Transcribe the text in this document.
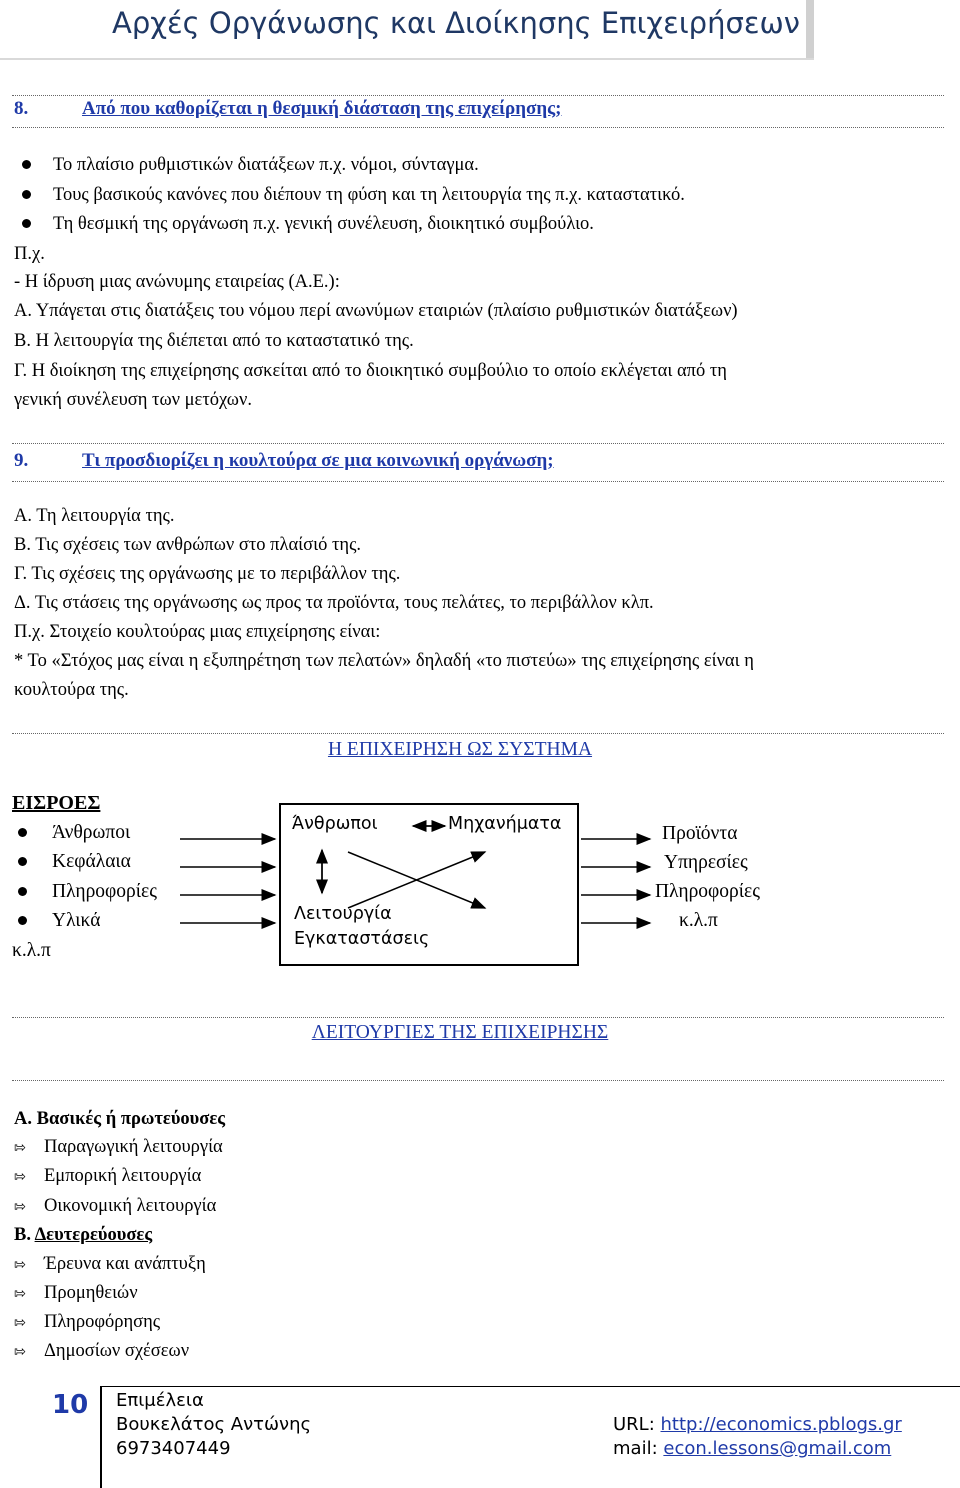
Αρχές Οργάνωσης και Διοίκησης Επιχειρήσεων
8.	Από που καθορίζεται η θεσμική διάσταση της επιχείρησης;
Το πλαίσιο ρυθμιστικών διατάξεων π.χ. νόμοι, σύνταγμα.
Τους βασικούς κανόνες που διέπουν τη φύση και τη λειτουργία της π.χ. καταστατικό.
Τη θεσμική της οργάνωση π.χ. γενική συνέλευση, διοικητικό συμβούλιο.
Π.χ.
- Η ίδρυση μιας ανώνυμης εταιρείας (Α.Ε.):
Α. Υπάγεται στις διατάξεις του νόμου περί ανωνύμων εταιριών (πλαίσιο ρυθμιστικών διατάξεων)
Β. Η λειτουργία της διέπεται από το καταστατικό της.
Γ. Η διοίκηση της επιχείρησης ασκείται από το διοικητικό συμβούλιο το οποίο εκλέγεται από τη
γενική συνέλευση των μετόχων.
9.	Τι προσδιορίζει η κουλτούρα σε μια κοινωνική οργάνωση;
Α. Τη λειτουργία της.
Β. Τις σχέσεις των ανθρώπων στο πλαίσιό της.
Γ. Τις σχέσεις της οργάνωσης με το περιβάλλον της.
Δ. Τις στάσεις της οργάνωσης ως προς τα προϊόντα, τους πελάτες, το περιβάλλον κλπ.
Π.χ. Στοιχείο κουλτούρας μιας επιχείρησης είναι:
* Το «Στόχος μας είναι η εξυπηρέτηση των πελατών» δηλαδή «το πιστεύω» της επιχείρησης είναι η
κουλτούρα της.
Η ΕΠΙΧΕΙΡΗΣΗ ΩΣ ΣΥΣΤΗΜΑ
ΕΙΣΡΟΕΣ
Άνθρωποι
Κεφάλαια
Πληροφορίες
Υλικά
κ.λ.π
Άνθρωποι	Μηχανήματα
Λειτουργία
Εγκαταστάσεις
Προϊόντα
Υπηρεσίες
Πληροφορίες
κ.λ.π
ΛΕΙΤΟΥΡΓΙΕΣ ΤΗΣ ΕΠΙΧΕΙΡΗΣΗΣ
Α. Βασικές ή πρωτεύουσες
⇰ Παραγωγική λειτουργία
⇰ Εμπορική λειτουργία
⇰ Οικονομική λειτουργία
Β. Δευτερεύουσες
⇰ Έρευνα και ανάπτυξη
⇰ Προμηθειών
⇰ Πληροφόρησης
⇰ Δημοσίων σχέσεων
10 Επιμέλεια
Βουκελάτος Αντώνης
6973407449
URL: http://economics.pblogs.gr
mail: econ.lessons@gmail.com
